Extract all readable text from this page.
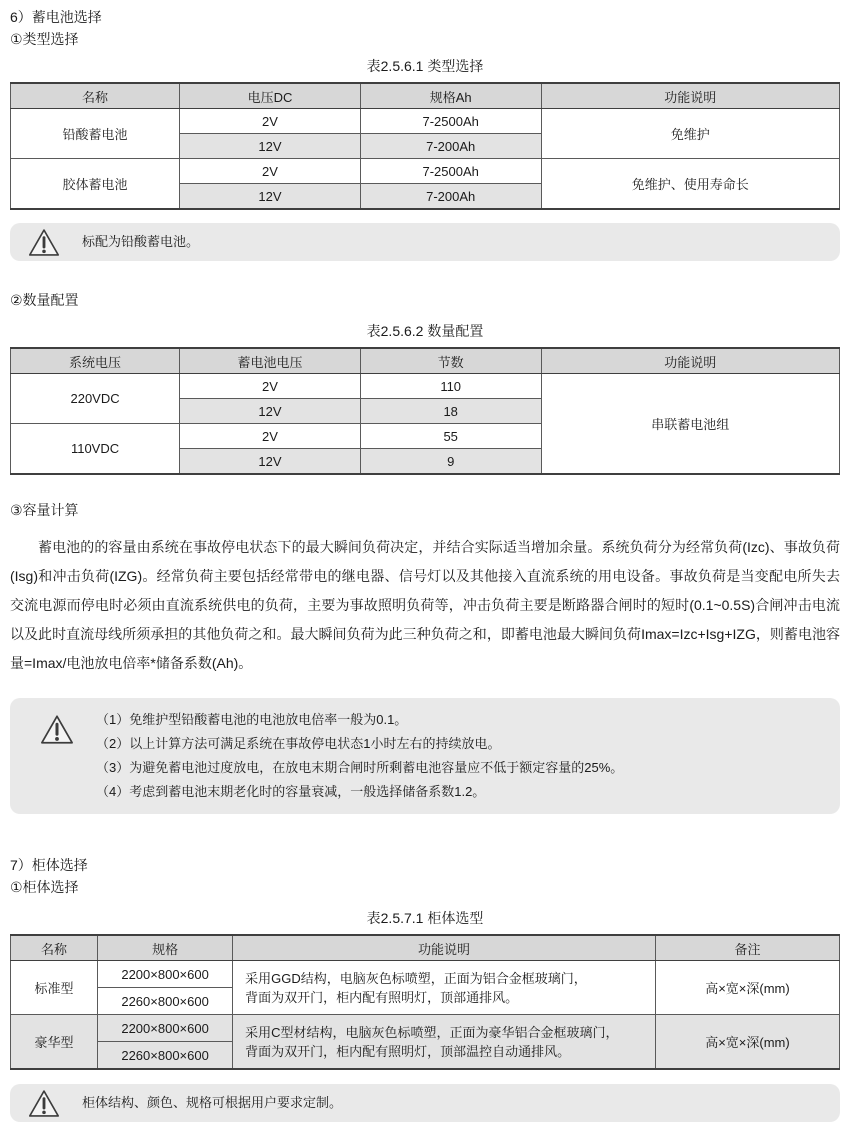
6）蓄电池选择
①类型选择
表2.5.6.1 类型选择
名称	电压DC	规格Ah	功能说明
铅酸蓄电池	2V	7-2500Ah	免维护
	12V	7-200Ah	
胶体蓄电池	2V	7-2500Ah	免维护、使用寿命长
	12V	7-200Ah	
标配为铅酸蓄电池。
②数量配置
表2.5.6.2 数量配置
系统电压	蓄电池电压	节数	功能说明
220VDC	2V	110	串联蓄电池组
	12V	18	
110VDC	2V	55	
	12V	9	
③容量计算

蓄电池的的容量由系统在事故停电状态下的最大瞬间负荷决定，并结合实际适当增加余量。系统负荷分为经常负荷(Izc)、事故负荷(Isg)和冲击负荷(IZG)。经常负荷主要包括经常带电的继电器、信号灯以及其他接入直流系统的用电设备。事故负荷是当变配电所失去交流电源而停电时必须由直流系统供电的负荷，主要为事故照明负荷等，冲击负荷主要是断路器合闸时的短时(0.1~0.5S)合闸冲击电流以及此时直流母线所须承担的其他负荷之和。最大瞬间负荷为此三种负荷之和，即蓄电池最大瞬间负荷Imax=Izc+Isg+IZG，则蓄电池容量=Imax/电池放电倍率*储备系数(Ah)。

（1）免维护型铅酸蓄电池的电池放电倍率一般为0.1。
（2）以上计算方法可满足系统在事故停电状态1小时左右的持续放电。
（3）为避免蓄电池过度放电，在放电末期合闸时所剩蓄电池容量应不低于额定容量的25%。
（4）考虑到蓄电池末期老化时的容量衰减，一般选择储备系数1.2。
7）柜体选择
①柜体选择
表2.5.7.1 柜体选型
名称	规格	功能说明	备注
标准型	2200×800×600	采用GGD结构，电脑灰色标喷塑，正面为铝合金框玻璃门，
背面为双开门，柜内配有照明灯，顶部通排风。	高×宽×深(mm)
	2260×800×600		
豪华型	2200×800×600	采用C型材结构，电脑灰色标喷塑，正面为豪华铝合金框玻璃门，
背面为双开门，柜内配有照明灯，顶部温控自动通排风。	高×宽×深(mm)
	2260×800×600		
柜体结构、颜色、规格可根据用户要求定制。
